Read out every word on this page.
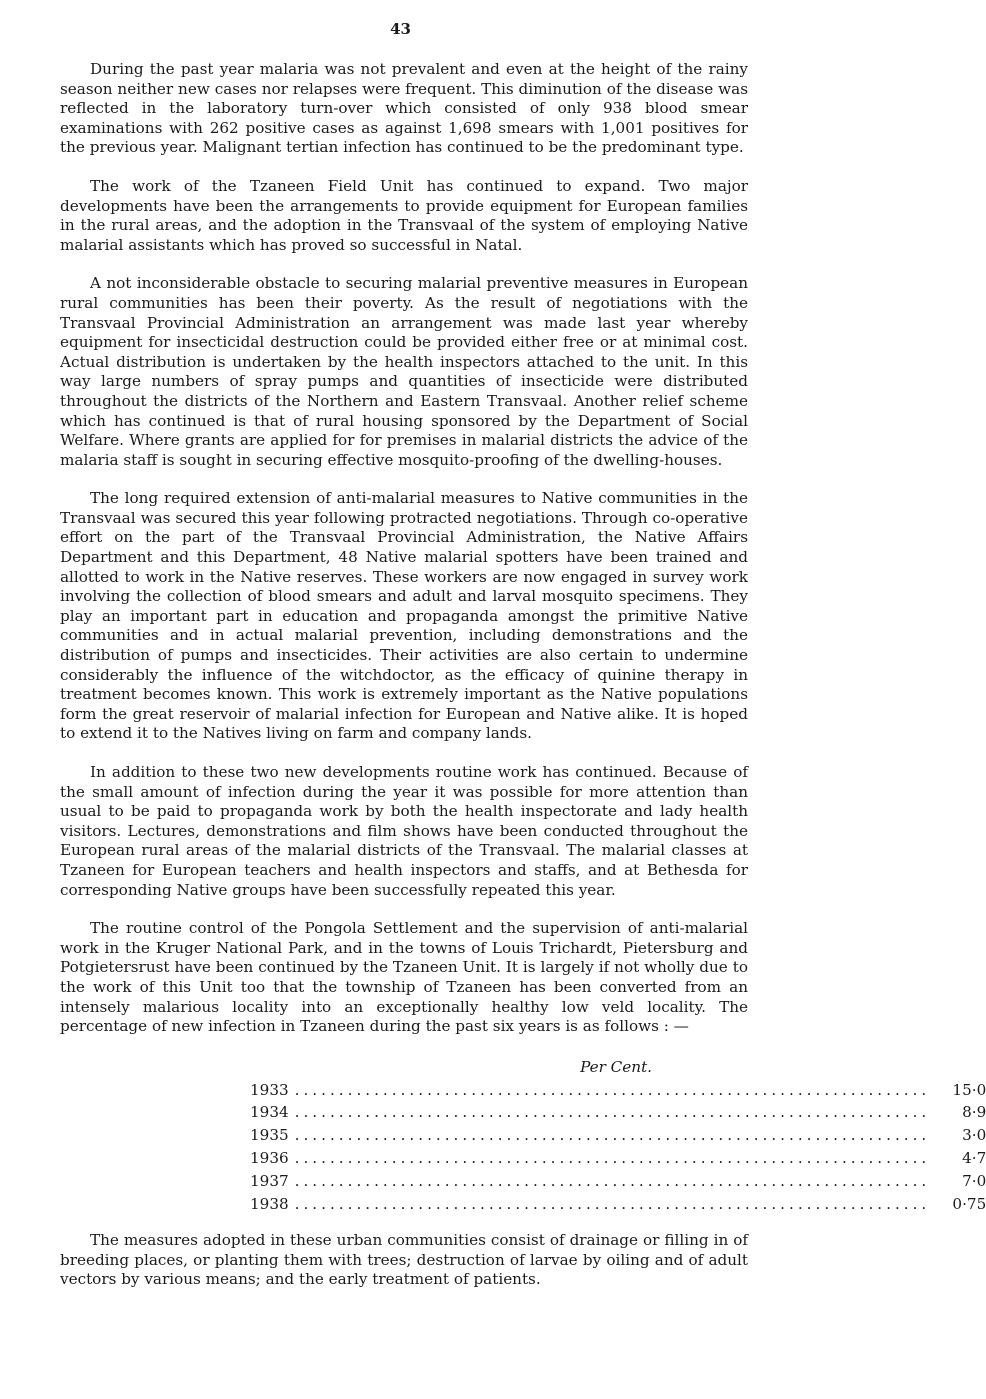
43

During the past year malaria was not prevalent and even at the height of the rainy season neither new cases nor relapses were frequent. This diminution of the disease was reflected in the laboratory turn-over which consisted of only 938 blood smear examinations with 262 positive cases as against 1,698 smears with 1,001 positives for the previous year. Malignant tertian infection has continued to be the predominant type.

The work of the Tzaneen Field Unit has continued to expand. Two major developments have been the arrangements to provide equipment for European families in the rural areas, and the adoption in the Transvaal of the system of employing Native malarial assistants which has proved so successful in Natal.

A not inconsiderable obstacle to securing malarial preventive measures in European rural communities has been their poverty. As the result of negotiations with the Transvaal Provincial Administration an arrangement was made last year whereby equipment for insecticidal destruction could be provided either free or at minimal cost. Actual distribution is undertaken by the health inspectors attached to the unit. In this way large numbers of spray pumps and quantities of insecticide were distributed throughout the districts of the Northern and Eastern Transvaal. Another relief scheme which has continued is that of rural housing sponsored by the Department of Social Welfare. Where grants are applied for for premises in malarial districts the advice of the malaria staff is sought in securing effective mosquito-proofing of the dwelling-houses.

The long required extension of anti-malarial measures to Native communities in the Transvaal was secured this year following protracted negotiations. Through co-operative effort on the part of the Transvaal Provincial Administration, the Native Affairs Department and this Department, 48 Native malarial spotters have been trained and allotted to work in the Native reserves. These workers are now engaged in survey work involving the collection of blood smears and adult and larval mosquito specimens. They play an important part in education and propaganda amongst the primitive Native communities and in actual malarial prevention, including demonstrations and the distribution of pumps and insecticides. Their activities are also certain to undermine considerably the influence of the witchdoctor, as the efficacy of quinine therapy in treatment becomes known. This work is extremely important as the Native populations form the great reservoir of malarial infection for European and Native alike. It is hoped to extend it to the Natives living on farm and company lands.

In addition to these two new developments routine work has continued. Because of the small amount of infection during the year it was possible for more attention than usual to be paid to propaganda work by both the health inspectorate and lady health visitors. Lectures, demonstrations and film shows have been conducted throughout the European rural areas of the malarial districts of the Transvaal. The malarial classes at Tzaneen for European teachers and health inspectors and staffs, and at Bethesda for corresponding Native groups have been successfully repeated this year.

The routine control of the Pongola Settlement and the supervision of anti-malarial work in the Kruger National Park, and in the towns of Louis Trichardt, Pietersburg and Potgietersrust have been continued by the Tzaneen Unit. It is largely if not wholly due to the work of this Unit too that the township of Tzaneen has been converted from an intensely malarious locality into an exceptionally healthy low veld locality. The percentage of new infection in Tzaneen during the past six years is as follows : —

Per Cent.
1933 ........................................................................	15·0
1934 ........................................................................	8·9
1935 ........................................................................	3·0
1936 ........................................................................	4·7
1937 ........................................................................	7·0
1938 ........................................................................	0·75

The measures adopted in these urban communities consist of drainage or filling in of breeding places, or planting them with trees; destruction of larvae by oiling and of adult vectors by various means; and the early treatment of patients.
